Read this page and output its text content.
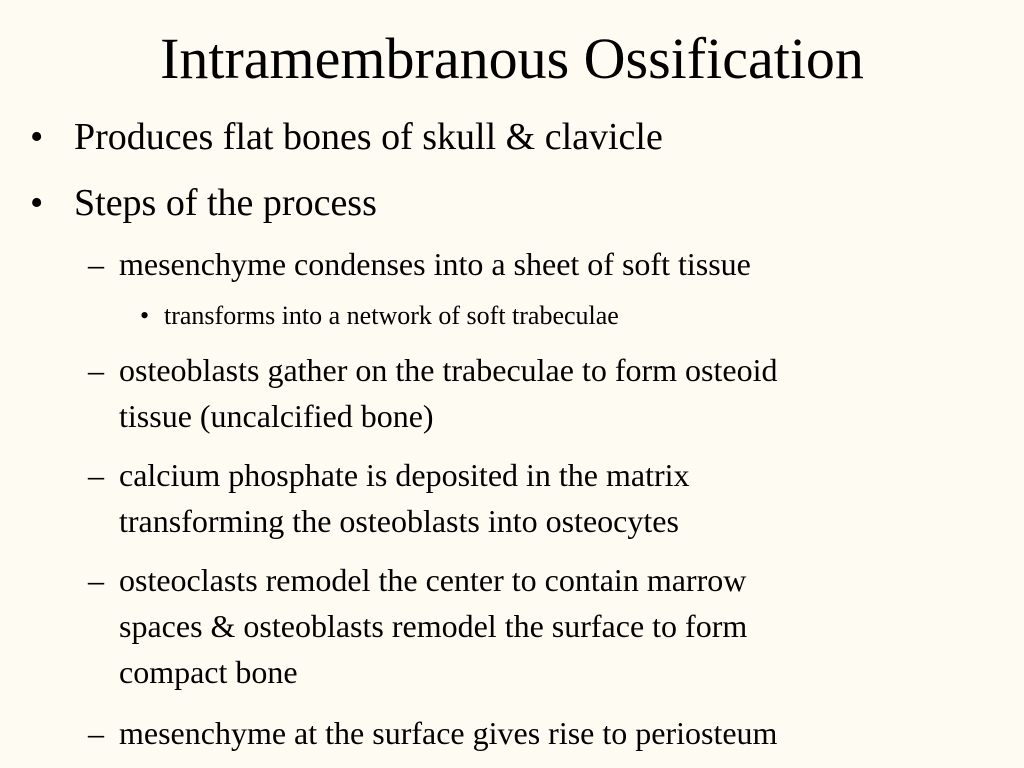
Intramembranous Ossification
• Produces flat bones of skull & clavicle
• Steps of the process
– mesenchyme condenses into a sheet of soft tissue
• transforms into a network of soft trabeculae
– osteoblasts gather on the trabeculae to form osteoid
tissue (uncalcified bone)
– calcium phosphate is deposited in the matrix
transforming the osteoblasts into osteocytes
– osteoclasts remodel the center to contain marrow
spaces & osteoblasts remodel the surface to form
compact bone
– mesenchyme at the surface gives rise to periosteum
